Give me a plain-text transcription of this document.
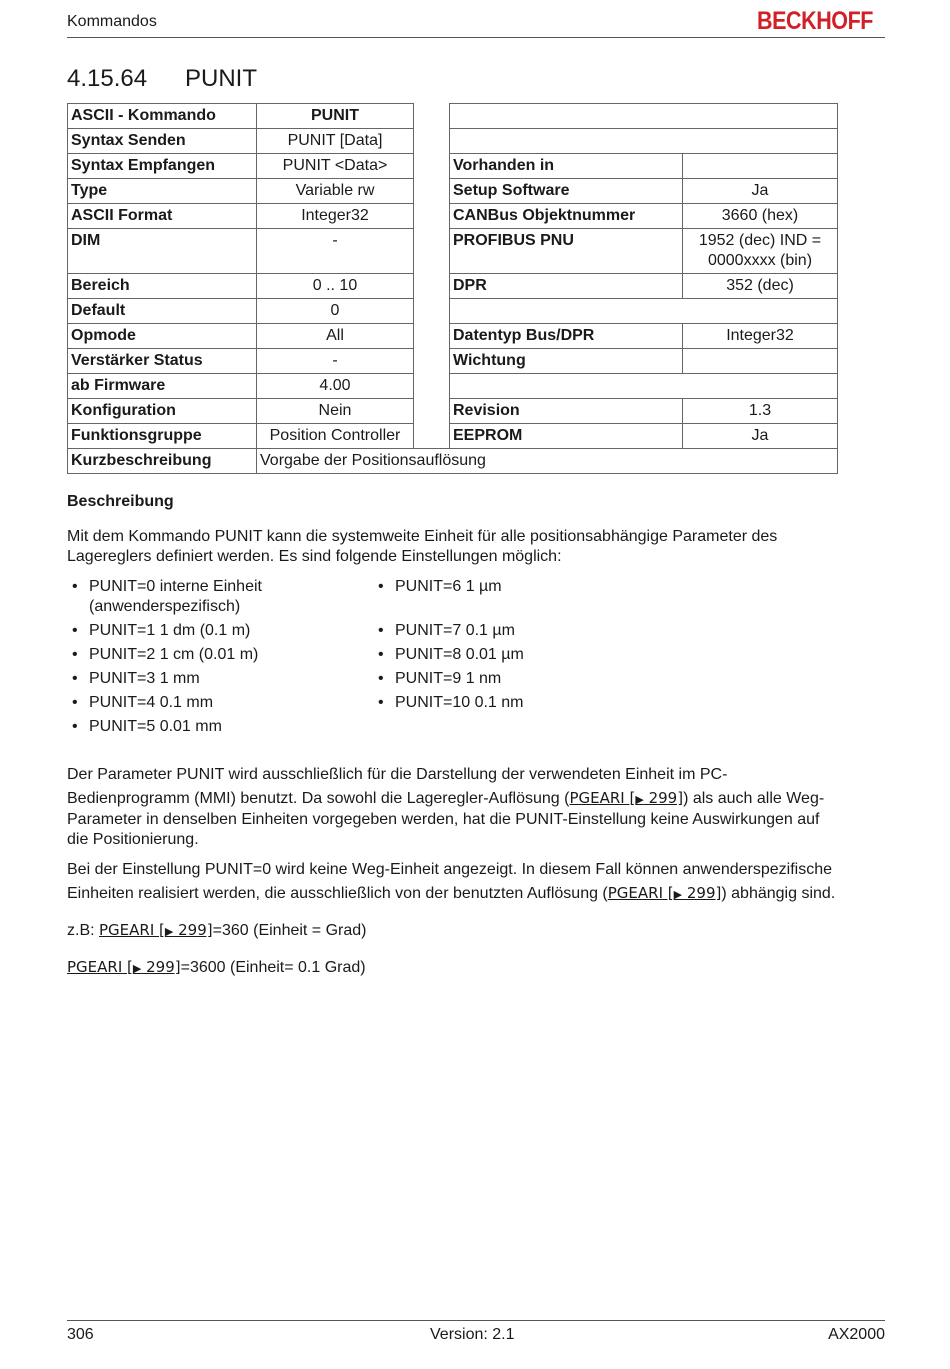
Kommandos	BECKHOFF
4.15.64 PUNIT
ASCII - Kommando	PUNIT			
Syntax Senden	PUNIT [Data]			
Syntax Empfangen	PUNIT <Data>		Vorhanden in	
Type	Variable rw		Setup Software	Ja
ASCII Format	Integer32		CANBus Objektnummer	3660 (hex)
DIM	-		PROFIBUS PNU	1952 (dec) IND =
0000xxxx (bin)
Bereich	0 .. 10		DPR	352 (dec)
Default	0			
Opmode	All		Datentyp Bus/DPR	Integer32
Verstärker Status	-		Wichtung	
ab Firmware	4.00			
Konfiguration	Nein		Revision	1.3
Funktionsgruppe	Position Controller		EEPROM	Ja
Kurzbeschreibung	Vorgabe der Positionsauflösung			
Beschreibung
Mit dem Kommando PUNIT kann die systemweite Einheit für alle positionsabhängige Parameter des
Lagereglers definiert werden. Es sind folgende Einstellungen möglich:
• PUNIT=0 interne Einheit
(anwenderspezifisch)
• PUNIT=1 1 dm (0.1 m)
• PUNIT=2 1 cm (0.01 m)
• PUNIT=3 1 mm
• PUNIT=4 0.1 mm
• PUNIT=5 0.01 mm
• PUNIT=6 1 µm
• PUNIT=7 0.1 µm
• PUNIT=8 0.01 µm
• PUNIT=9 1 nm
• PUNIT=10 0.1 nm
Der Parameter PUNIT wird ausschließlich für die Darstellung der verwendeten Einheit im PC-
Bedienprogramm (MMI) benutzt. Da sowohl die Lageregler-Auflösung (PGEARI [▶ 299]) als auch alle Weg-
Parameter in denselben Einheiten vorgegeben werden, hat die PUNIT-Einstellung keine Auswirkungen auf
die Positionierung.
Bei der Einstellung PUNIT=0 wird keine Weg-Einheit angezeigt. In diesem Fall können anwenderspezifische
Einheiten realisiert werden, die ausschließlich von der benutzten Auflösung (PGEARI [▶ 299]) abhängig sind.
z.B: PGEARI [▶ 299]=360 (Einheit = Grad)
PGEARI [▶ 299]=3600 (Einheit= 0.1 Grad)
306	Version: 2.1	AX2000
